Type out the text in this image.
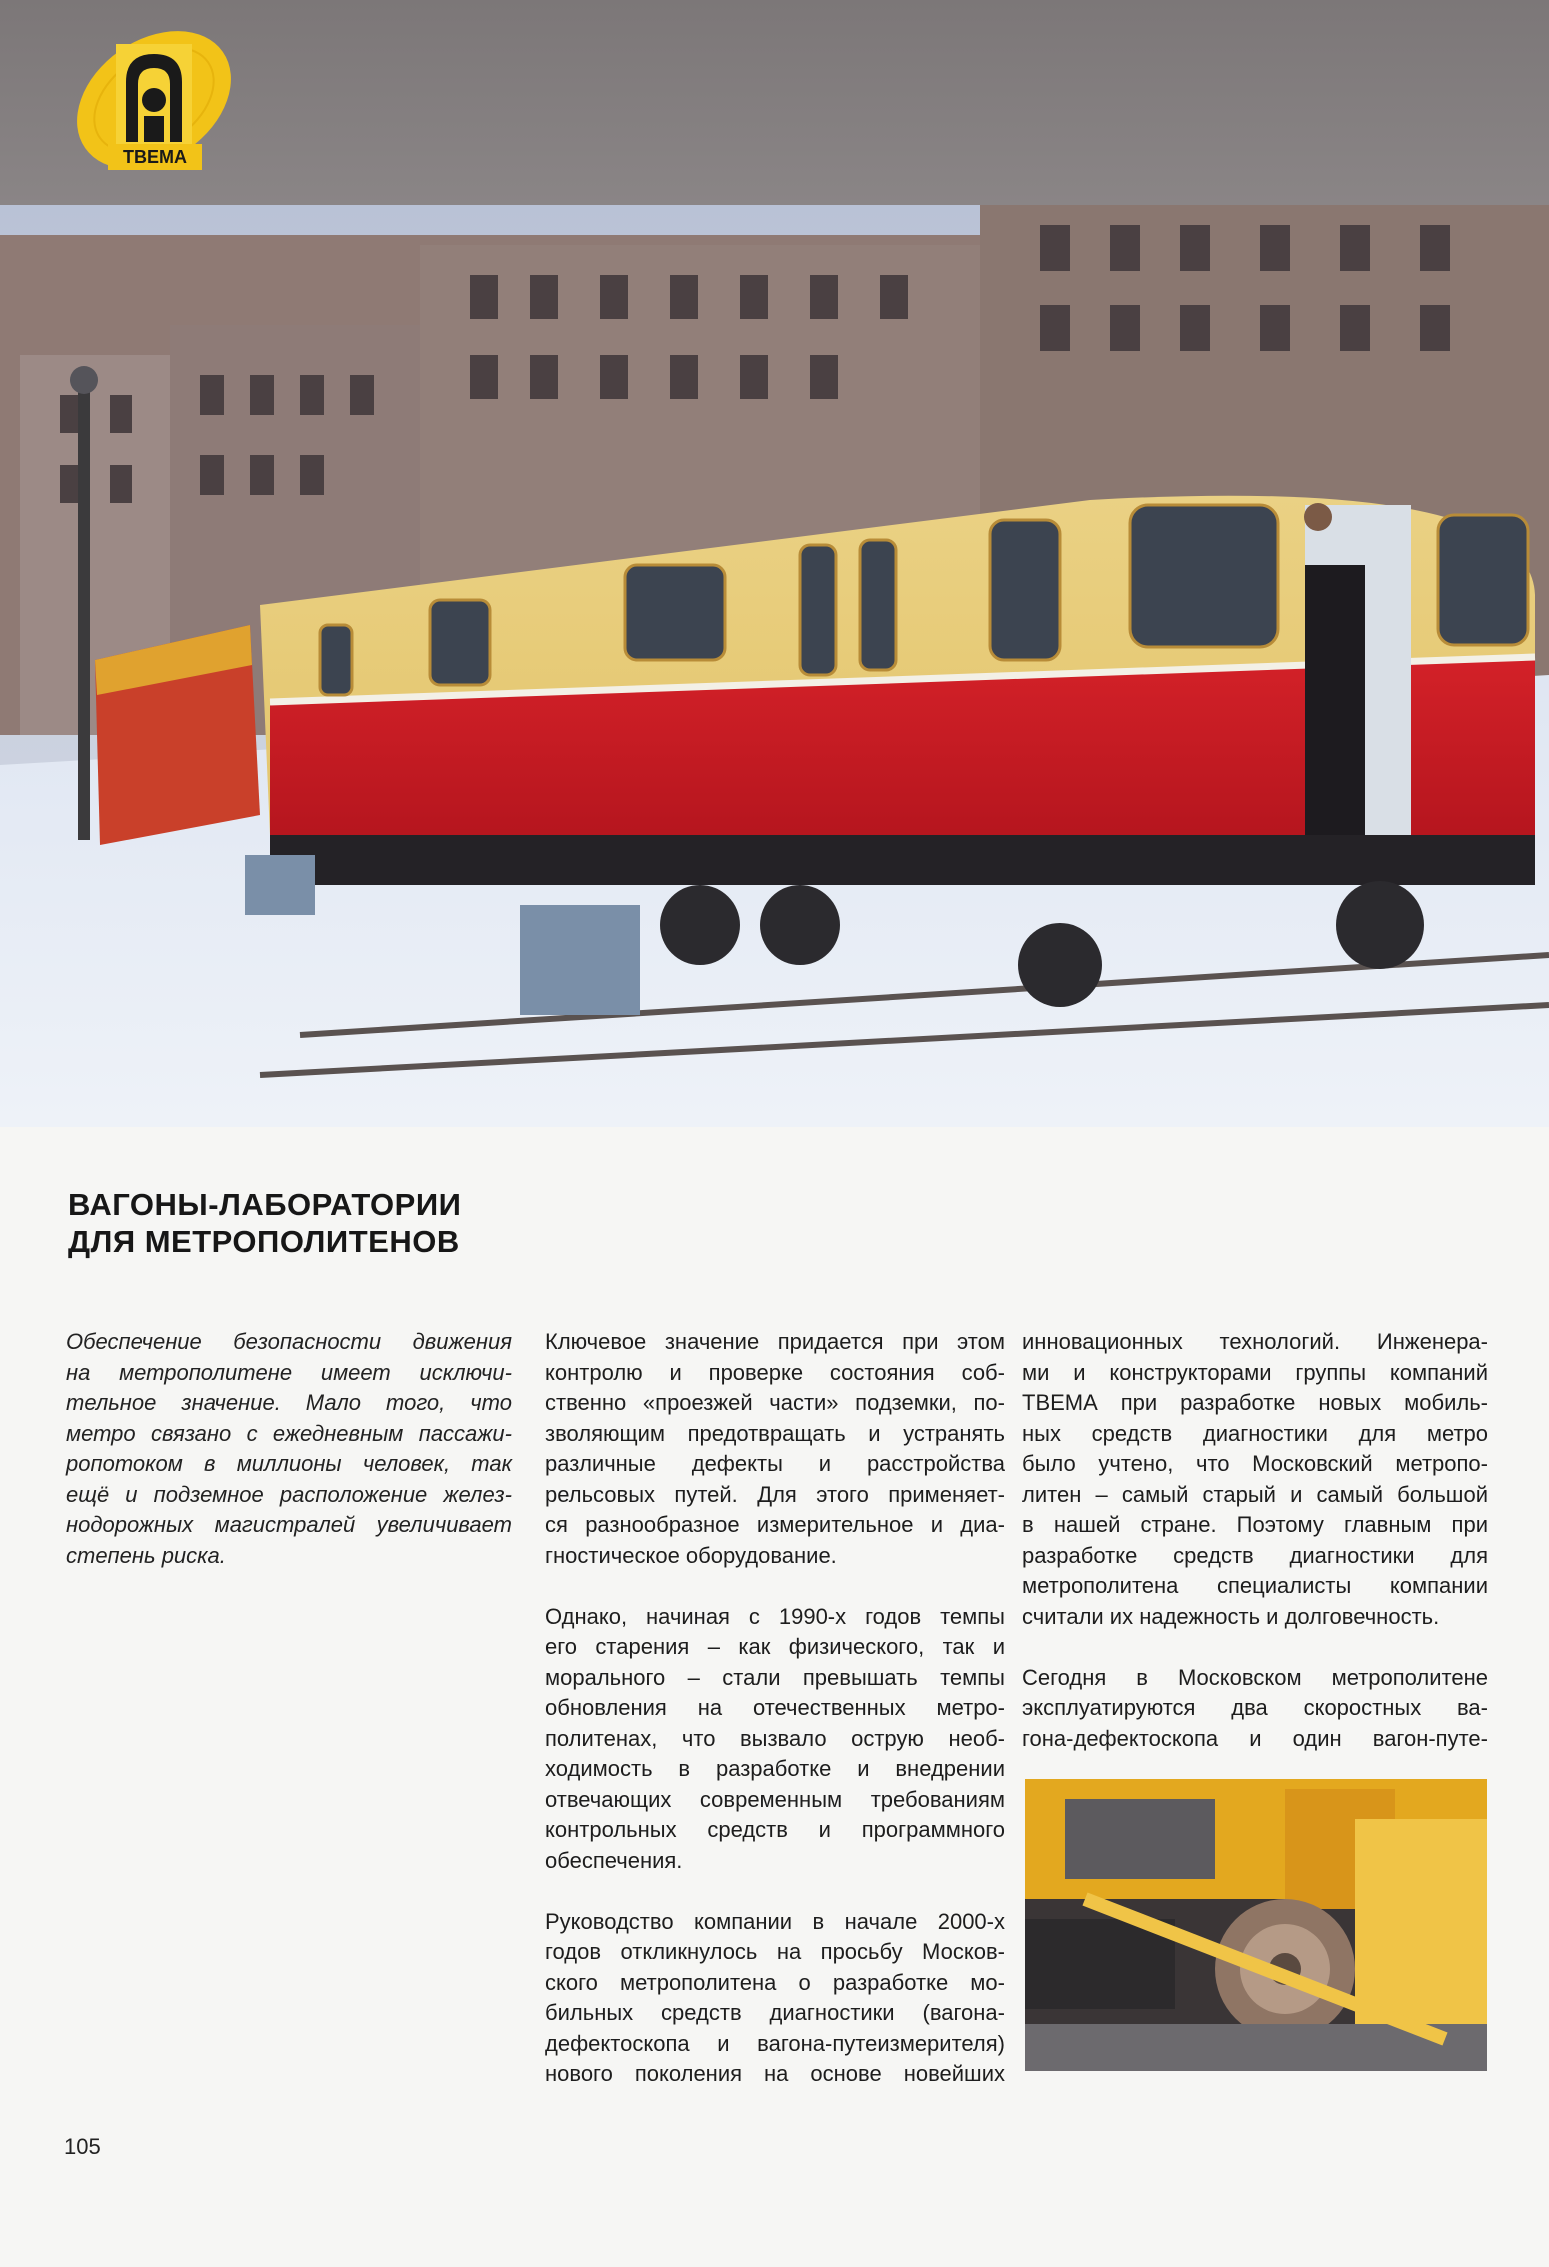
ТВЕМА
ВАГОНЫ-ЛАБОРАТОРИИ
ДЛЯ МЕТРОПОЛИТЕНОВ
Обеспечение безопасности движения
на метрополитене имеет исключи-
тельное значение. Мало того, что
метро связано с ежедневным пассажи-
ропотоком в миллионы человек, так
ещё и подземное расположение желез-
нодорожных магистралей увеличивает
степень риска.
Ключевое значение придается при этом
контролю и проверке состояния соб-
ственно «проезжей части» подземки, по-
зволяющим предотвращать и устранять
различные дефекты и расстройства
рельсовых путей. Для этого применяет-
ся разнообразное измерительное и диа-
гностическое оборудование.
Однако, начиная с 1990-х годов темпы
его старения – как физического, так и
морального – стали превышать темпы
обновления на отечественных метро-
политенах, что вызвало острую необ-
ходимость в разработке и внедрении
отвечающих современным требованиям
контрольных средств и программного
обеспечения.
Руководство компании в начале 2000-х
годов откликнулось на просьбу Москов-
ского метрополитена о разработке мо-
бильных средств диагностики (вагона-
дефектоскопа и вагона-путеизмерителя)
нового поколения на основе новейших
инновационных технологий. Инженера-
ми и конструкторами группы компаний
ТВЕМА при разработке новых мобиль-
ных средств диагностики для метро
было учтено, что Московский метропо-
литен – самый старый и самый большой
в нашей стране. Поэтому главным при
разработке средств диагностики для
метрополитена специалисты компании
считали их надежность и долговечность.
Сегодня в Московском метрополитене
эксплуатируются два скоростных ва-
гона-дефектоскопа и один вагон-путе-
105
